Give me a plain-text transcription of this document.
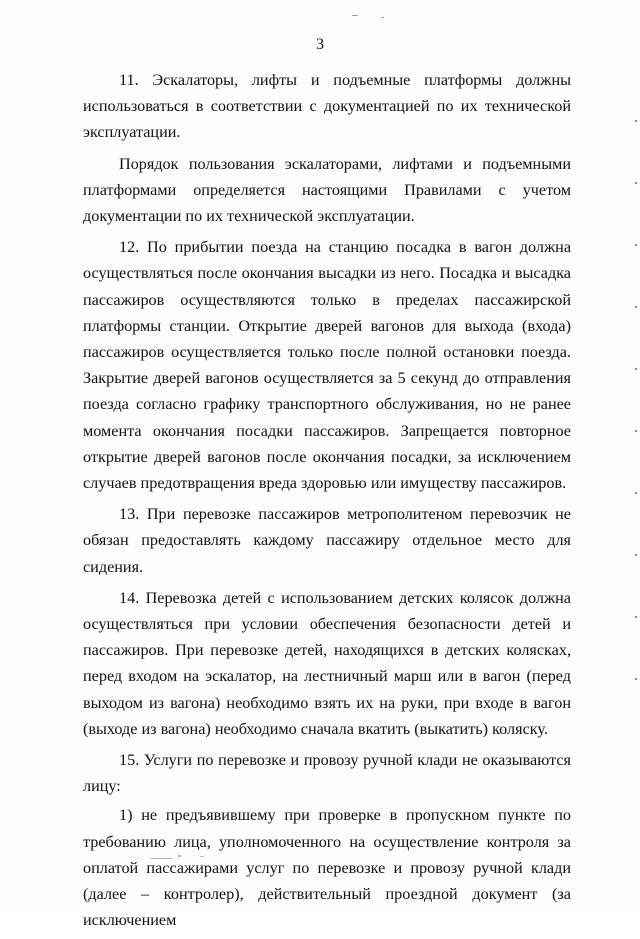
3

11. Эскалаторы, лифты и подъемные платформы должны использоваться в соответствии с документацией по их технической эксплуатации.

Порядок пользования эскалаторами, лифтами и подъемными платформами определяется настоящими Правилами с учетом документации по их технической эксплуатации.

12. По прибытии поезда на станцию посадка в вагон должна осуществляться после окончания высадки из него. Посадка и высадка пассажиров осуществляются только в пределах пассажирской платформы станции. Открытие дверей вагонов для выхода (входа) пассажиров осуществляется только после полной остановки поезда. Закрытие дверей вагонов осуществляется за 5 секунд до отправления поезда согласно графику транспортного обслуживания, но не ранее момента окончания посадки пассажиров. Запрещается повторное открытие дверей вагонов после окончания посадки, за исключением случаев предотвращения вреда здоровью или имуществу пассажиров.

13. При перевозке пассажиров метрополитеном перевозчик не обязан предоставлять каждому пассажиру отдельное место для сидения.

14. Перевозка детей с использованием детских колясок должна осуществляться при условии обеспечения безопасности детей и пассажиров. При перевозке детей, находящихся в детских колясках, перед входом на эскалатор, на лестничный марш или в вагон (перед выходом из вагона) необходимо взять их на руки, при входе в вагон (выходе из вагона) необходимо сначала вкатить (выкатить) коляску.

15. Услуги по перевозке и провозу ручной клади не оказываются лицу:

1) не предъявившему при проверке в пропускном пункте по требованию лица, уполномоченного на осуществление контроля за оплатой пассажирами услуг по перевозке и провозу ручной клади (далее – контролер), действительный проездной документ (за исключением
